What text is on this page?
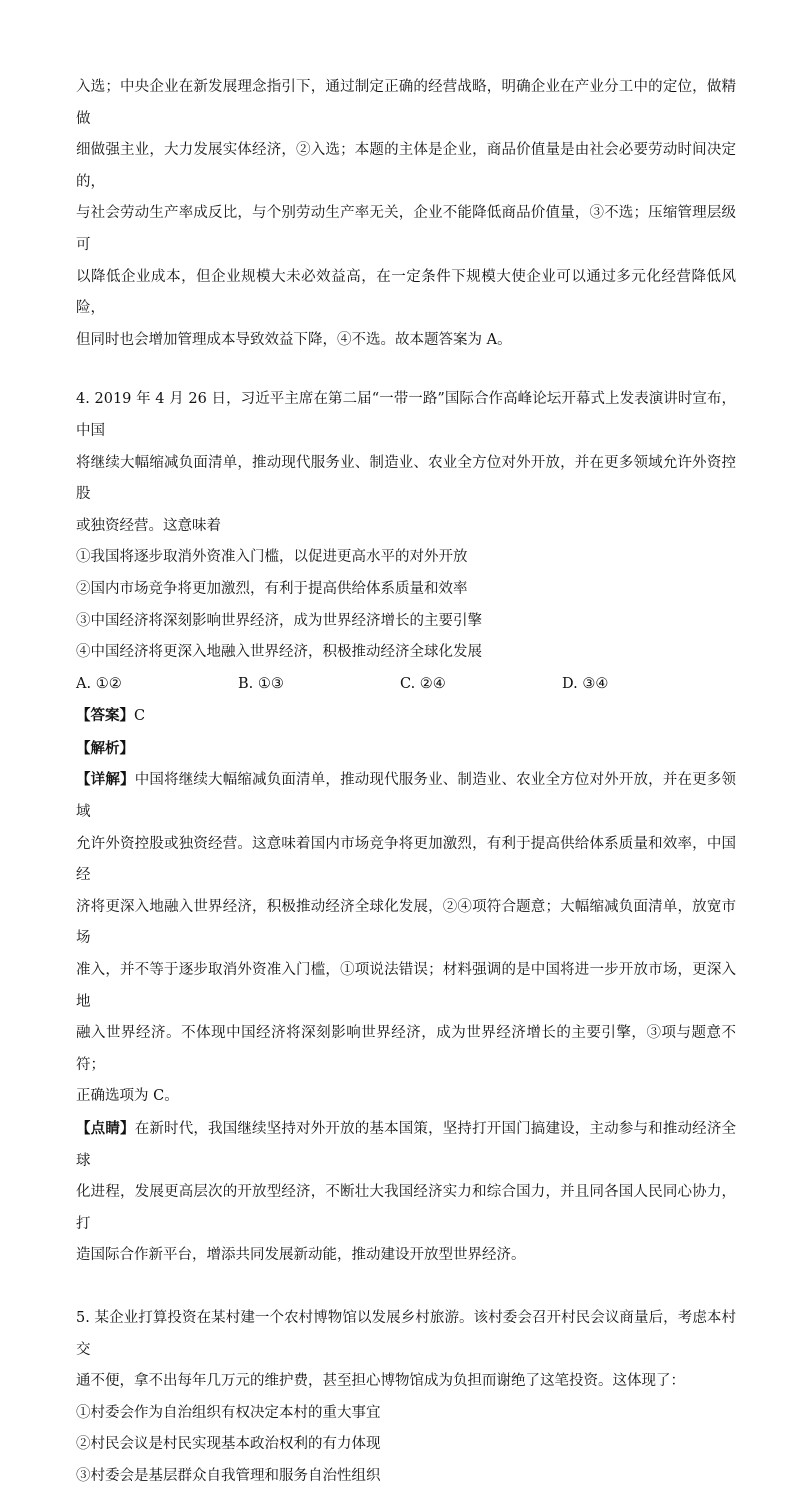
入选；中央企业在新发展理念指引下，通过制定正确的经营战略，明确企业在产业分工中的定位，做精做

细做强主业，大力发展实体经济，②入选；本题的主体是企业，商品价值量是由社会必要劳动时间决定的，

与社会劳动生产率成反比，与个别劳动生产率无关，企业不能降低商品价值量，③不选；压缩管理层级可

以降低企业成本，但企业规模大未必效益高，在一定条件下规模大使企业可以通过多元化经营降低风险，

但同时也会增加管理成本导致效益下降，④不选。故本题答案为 A。

4. 2019 年 4 月 26 日，习近平主席在第二届“一带一路”国际合作高峰论坛开幕式上发表演讲时宣布，中国

将继续大幅缩减负面清单，推动现代服务业、制造业、农业全方位对外开放，并在更多领域允许外资控股

或独资经营。这意味着

①我国将逐步取消外资准入门槛，以促进更高水平的对外开放

②国内市场竞争将更加激烈，有利于提高供给体系质量和效率

③中国经济将深刻影响世界经济，成为世界经济增长的主要引擎

④中国经济将更深入地融入世界经济，积极推动经济全球化发展

A. ①②	B. ①③	C. ②④	D. ③④

【答案】C

【解析】

【详解】中国将继续大幅缩减负面清单，推动现代服务业、制造业、农业全方位对外开放，并在更多领域

允许外资控股或独资经营。这意味着国内市场竞争将更加激烈，有利于提高供给体系质量和效率，中国经

济将更深入地融入世界经济，积极推动经济全球化发展，②④项符合题意；大幅缩减负面清单，放宽市场

准入，并不等于逐步取消外资准入门槛，①项说法错误；材料强调的是中国将进一步开放市场，更深入地

融入世界经济。不体现中国经济将深刻影响世界经济，成为世界经济增长的主要引擎，③项与题意不符；

正确选项为 C。

【点睛】在新时代，我国继续坚持对外开放的基本国策，坚持打开国门搞建设，主动参与和推动经济全球

化进程，发展更高层次的开放型经济，不断壮大我国经济实力和综合国力，并且同各国人民同心协力，打

造国际合作新平台，增添共同发展新动能，推动建设开放型世界经济。

5. 某企业打算投资在某村建一个农村博物馆以发展乡村旅游。该村委会召开村民会议商量后，考虑本村交

通不便，拿不出每年几万元的维护费，甚至担心博物馆成为负担而谢绝了这笔投资。这体现了：

①村委会作为自治组织有权决定本村的重大事宜

②村民会议是村民实现基本政治权利的有力体现

③村委会是基层群众自我管理和服务自治性组织
